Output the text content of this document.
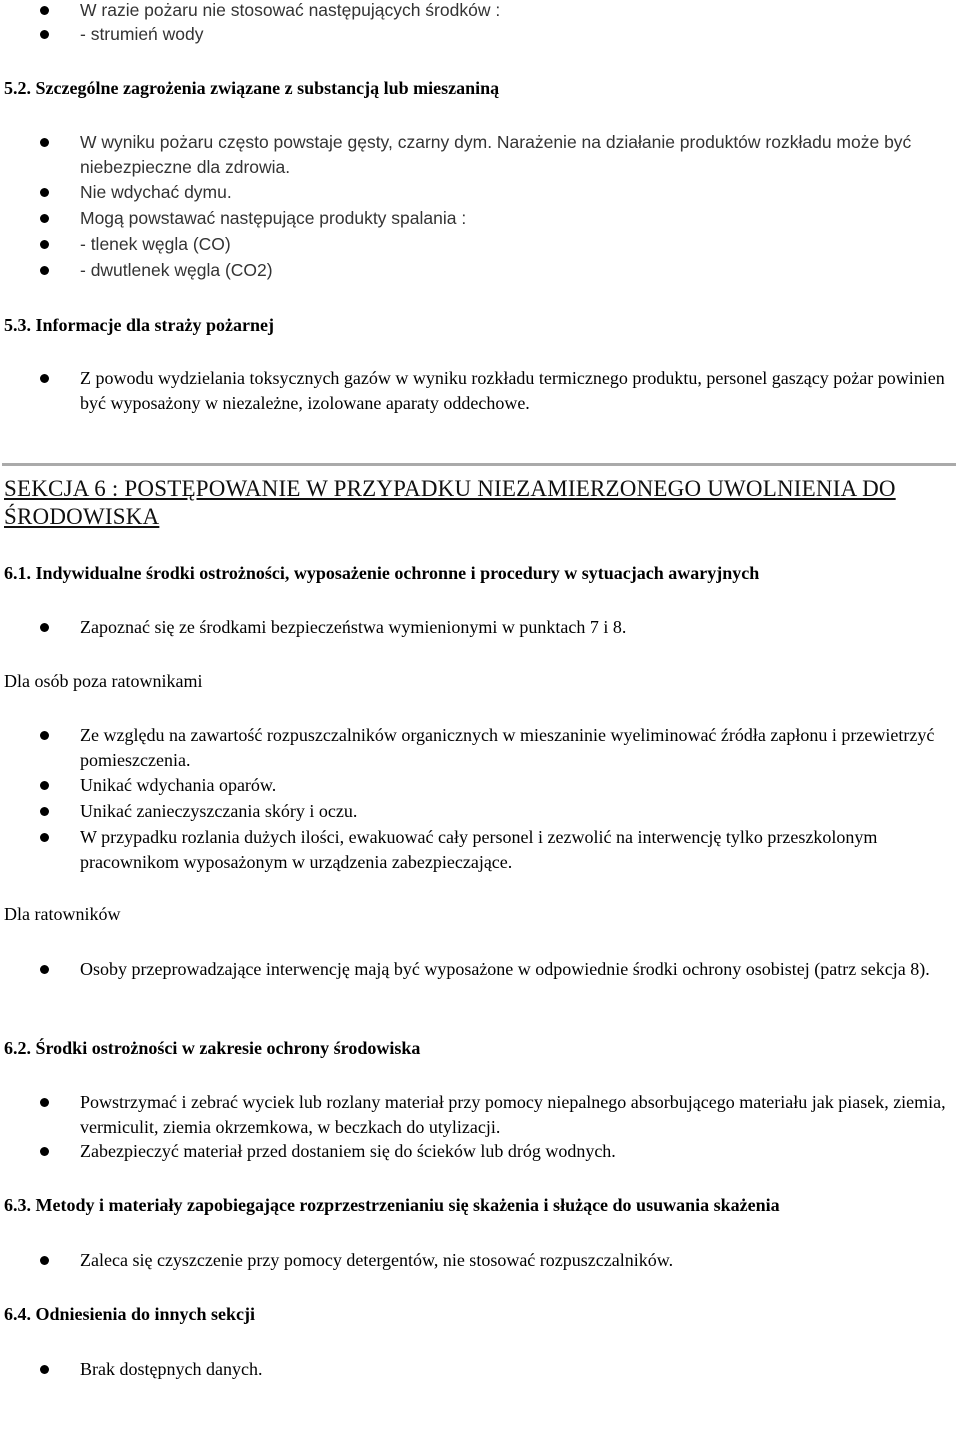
W razie pożaru nie stosować następujących środków :
- strumień wody
5.2. Szczególne zagrożenia związane z substancją lub mieszaniną
W wyniku pożaru często powstaje gęsty, czarny dym. Narażenie na działanie produktów rozkładu może być niebezpieczne dla zdrowia.
Nie wdychać dymu.
Mogą powstawać następujące produkty spalania :
- tlenek węgla (CO)
- dwutlenek węgla (CO2)
5.3. Informacje dla straży pożarnej
Z powodu wydzielania toksycznych gazów w wyniku rozkładu termicznego produktu, personel gaszący pożar powinien być wyposażony w niezależne, izolowane aparaty oddechowe.
SEKCJA 6 : POSTĘPOWANIE W PRZYPADKU NIEZAMIERZONEGO UWOLNIENIA DO ŚRODOWISKA
6.1. Indywidualne środki ostrożności, wyposażenie ochronne i procedury w sytuacjach awaryjnych
Zapoznać się ze środkami bezpieczeństwa wymienionymi w punktach 7 i 8.
Dla osób poza ratownikami
Ze względu na zawartość rozpuszczalników organicznych w mieszaninie wyeliminować źródła zapłonu i przewietrzyć pomieszczenia.
Unikać wdychania oparów.
Unikać zanieczyszczania skóry i oczu.
W przypadku rozlania dużych ilości, ewakuować cały personel i zezwolić na interwencję tylko przeszkolonym pracownikom wyposażonym w urządzenia zabezpieczające.
Dla ratowników
Osoby przeprowadzające interwencję mają być wyposażone w odpowiednie środki ochrony osobistej (patrz sekcja 8).
6.2. Środki ostrożności w zakresie ochrony środowiska
Powstrzymać i zebrać wyciek lub rozlany materiał przy pomocy niepalnego absorbującego materiału jak piasek, ziemia, vermiculit, ziemia okrzemkowa, w beczkach do utylizacji.
Zabezpieczyć materiał przed dostaniem się do ścieków lub dróg wodnych.
6.3. Metody i materiały zapobiegające rozprzestrzenianiu się skażenia i służące do usuwania skażenia
Zaleca się czyszczenie przy pomocy detergentów, nie stosować rozpuszczalników.
6.4. Odniesienia do innych sekcji
Brak dostępnych danych.
